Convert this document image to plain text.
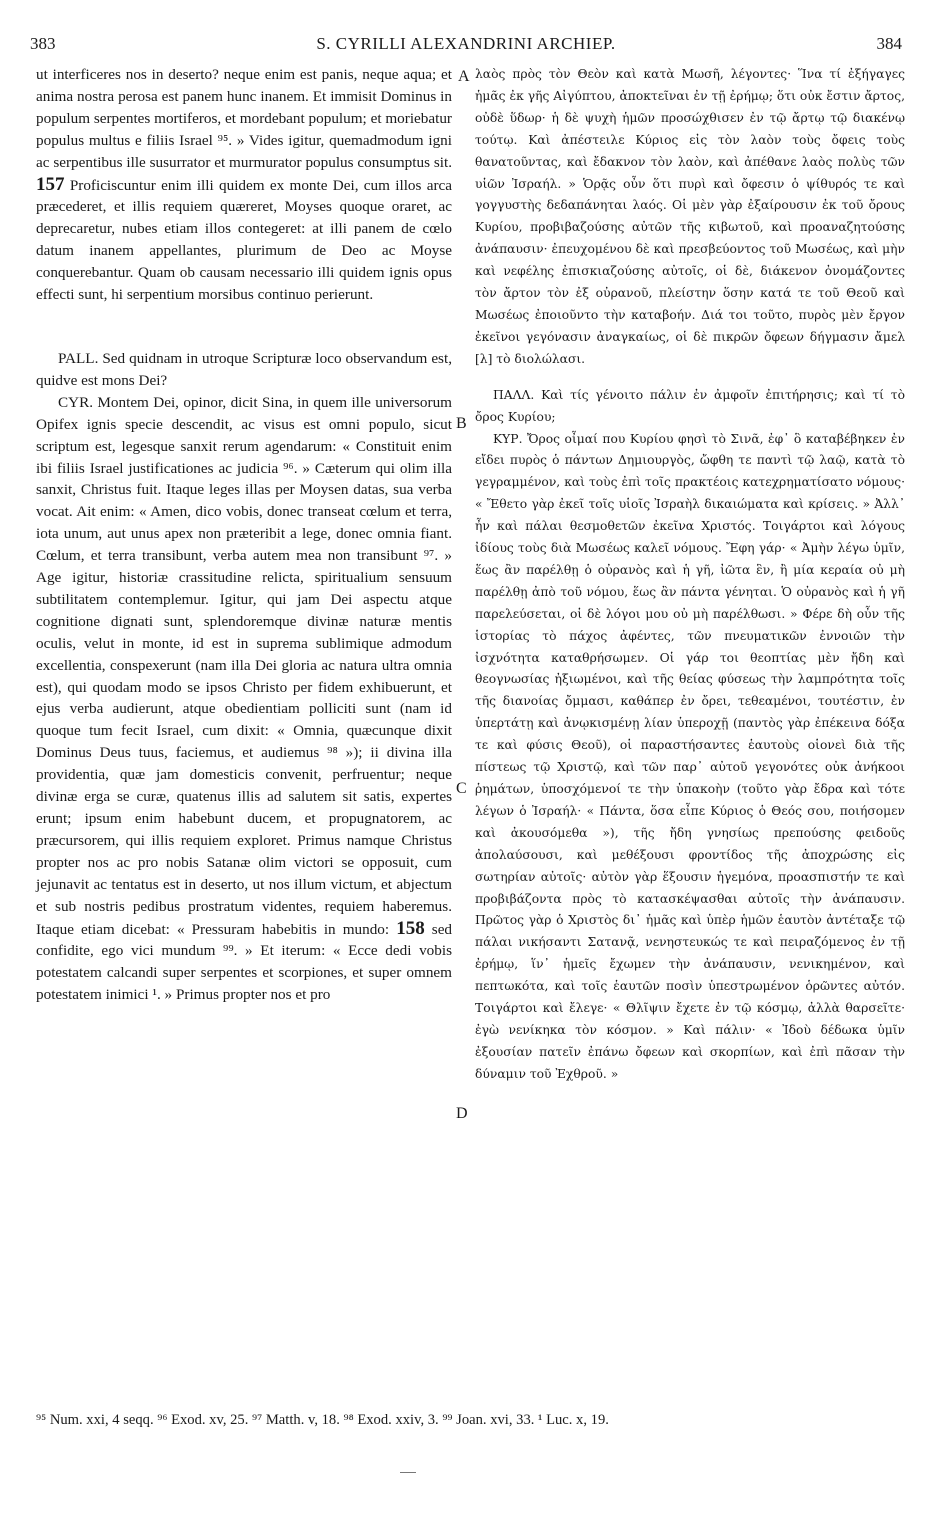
383	S. CYRILLI ALEXANDRINI ARCHIEP.	384

ut interficeres nos in deserto? neque enim est panis, neque aqua; et anima nostra perosa est panem hunc inanem. Et immisit Dominus in populum serpentes mortiferos, et mordebant populum; et moriebatur populus multus e filiis Israel ⁹⁵. » Vides igitur, quemadmodum igni ac serpentibus ille susurrator et murmurator populus consumptus sit. 157 Proficiscuntur enim illi quidem ex monte Dei, cum illos arca præcederet, et illis requiem quæreret, Moyses quoque oraret, ac deprecaretur, nubes etiam illos contegeret: at illi panem de cœlo datum inanem appellantes, plurimum de Deo ac Moyse conquerebantur. Quam ob causam necessario illi quidem ignis opus effecti sunt, hi serpentium morsibus continuo perierunt.

PALL. Sed quidnam in utroque Scripturæ loco observandum est, quidve est mons Dei?

CYR. Montem Dei, opinor, dicit Sina, in quem ille universorum Opifex ignis specie descendit, ac visus est omni populo, sicut scriptum est, legesque sanxit rerum agendarum: « Constituit enim ibi filiis Israel justificationes ac judicia ⁹⁶. » Cæterum qui olim illa sanxit, Christus fuit. Itaque leges illas per Moysen datas, sua verba vocat. Ait enim: « Amen, dico vobis, donec transeat cœlum et terra, iota unum, aut unus apex non præteribit a lege, donec omnia fiant. Cœlum, et terra transibunt, verba autem mea non transibunt ⁹⁷. » Age igitur, historiæ crassitudine relicta, spiritualium sensuum subtilitatem contemplemur. Igitur, qui jam Dei aspectu atque cognitione dignati sunt, splendoremque divinæ naturæ mentis oculis, velut in monte, id est in suprema sublimique admodum excellentia, conspexerunt (nam illa Dei gloria ac natura ultra omnia est), qui quodam modo se ipsos Christo per fidem exhibuerunt, et ejus verba audierunt, atque obedientiam polliciti sunt (nam id quoque tum fecit Israel, cum dixit: « Omnia, quæcunque dixit Dominus Deus tuus, faciemus, et audiemus ⁹⁸ »); ii divina illa providentia, quæ jam domesticis convenit, perfruentur; neque divinæ erga se curæ, quatenus illis ad salutem sit satis, expertes erunt; ipsum enim habebunt ducem, et propugnatorem, ac præcursorem, qui illis requiem exploret. Primus namque Christus propter nos ac pro nobis Satanæ olim victori se opposuit, cum jejunavit ac tentatus est in deserto, ut nos illum victum, et abjectum et sub nostris pedibus prostratum videntes, requiem haberemus. Itaque etiam dicebat: « Pressuram habebitis in mundo: 158 sed confidite, ego vici mundum ⁹⁹. » Et iterum: « Ecce dedi vobis potestatem calcandi super serpentes et scorpiones, et super omnem potestatem inimici ¹. » Primus propter nos et pro

A
B
C
D

λαὸς πρὸς τὸν Θεὸν καὶ κατὰ Μωσῆ, λέγοντες· Ἵνα τί ἐξήγαγες ἡμᾶς ἐκ γῆς Αἰγύπτου, ἀποκτεῖναι ἐν τῇ ἐρήμῳ; ὅτι οὐκ ἔστιν ἄρτος, οὐδὲ ὕδωρ· ἡ δὲ ψυχὴ ἡμῶν προσώχθισεν ἐν τῷ ἄρτῳ τῷ διακένῳ τούτῳ. Καὶ ἀπέστειλε Κύριος εἰς τὸν λαὸν τοὺς ὄφεις τοὺς θανατοῦντας, καὶ ἔδακνον τὸν λαὸν, καὶ ἀπέθανε λαὸς πολὺς τῶν υἱῶν Ἰσραήλ. » Ὁρᾷς οὖν ὅτι πυρὶ καὶ ὄφεσιν ὁ ψίθυρός τε καὶ γογγυστὴς δεδαπάνηται λαός. Οἱ μὲν γὰρ ἐξαίρουσιν ἐκ τοῦ ὄρους Κυρίου, προβιβαζούσης αὐτῶν τῆς κιβωτοῦ, καὶ προαναζητούσης ἀνάπαυσιν· ἐπευχομένου δὲ καὶ πρεσβεύοντος τοῦ Μωσέως, καὶ μὴν καὶ νεφέλης ἐπισκιαζούσης αὐτοῖς, οἱ δὲ, διάκενον ὀνομάζοντες τὸν ἄρτον τὸν ἐξ οὐρανοῦ, πλείστην ὅσην κατά τε τοῦ Θεοῦ καὶ Μωσέως ἐποιοῦντο τὴν καταβοήν. Διά τοι τοῦτο, πυρὸς μὲν ἔργον ἐκεῖνοι γεγόνασιν ἀναγκαίως, οἱ δὲ πικρῶν ὄφεων δήγμασιν ἄμελ [λ] τὸ διολώλασι.

ΠΑΛΛ. Καὶ τίς γένοιτο πάλιν ἐν ἀμφοῖν ἐπιτήρησις; καὶ τί τὸ ὄρος Κυρίου;

ΚΥΡ. Ὄρος οἶμαί που Κυρίου φησὶ τὸ Σινᾶ, ἐφ᾽ ὃ καταβέβηκεν ἐν εἴδει πυρὸς ὁ πάντων Δημιουργὸς, ὤφθη τε παντὶ τῷ λαῷ, κατὰ τὸ γεγραμμένον, καὶ τοὺς ἐπὶ τοῖς πρακτέοις κατεχρηματίσατο νόμους· « Ἔθετο γὰρ ἐκεῖ τοῖς υἱοῖς Ἰσραὴλ δικαιώματα καὶ κρίσεις. » Ἀλλ᾽ ἦν καὶ πάλαι θεσμοθετῶν ἐκεῖνα Χριστός. Τοιγάρτοι καὶ λόγους ἰδίους τοὺς διὰ Μωσέως καλεῖ νόμους. Ἔφη γάρ· « Ἀμὴν λέγω ὑμῖν, ἕως ἂν παρέλθῃ ὁ οὐρανὸς καὶ ἡ γῆ, ἰῶτα ἓν, ἢ μία κεραία οὐ μὴ παρέλθῃ ἀπὸ τοῦ νόμου, ἕως ἂν πάντα γένηται. Ὁ οὐρανὸς καὶ ἡ γῆ παρελεύσεται, οἱ δὲ λόγοι μου οὐ μὴ παρέλθωσι. » Φέρε δὴ οὖν τῆς ἱστορίας τὸ πάχος ἀφέντες, τῶν πνευματικῶν ἐννοιῶν τὴν ἰσχνότητα καταθρήσωμεν. Οἱ γάρ τοι θεοπτίας μὲν ἤδη καὶ θεογνωσίας ἠξιωμένοι, καὶ τῆς θείας φύσεως τὴν λαμπρότητα τοῖς τῆς διανοίας ὄμμασι, καθάπερ ἐν ὄρει, τεθεαμένοι, τουτέστιν, ἐν ὑπερτάτῃ καὶ ἀνῳκισμένῃ λίαν ὑπεροχῇ (παντὸς γὰρ ἐπέκεινα δόξα τε καὶ φύσις Θεοῦ), οἱ παραστήσαντες ἑαυτοὺς οἱονεὶ διὰ τῆς πίστεως τῷ Χριστῷ, καὶ τῶν παρ᾽ αὐτοῦ γεγονότες οὐκ ἀνήκοοι ῥημάτων, ὑποσχόμενοί τε τὴν ὑπακοὴν (τοῦτο γὰρ ἔδρα καὶ τότε λέγων ὁ Ἰσραήλ· « Πάντα, ὅσα εἶπε Κύριος ὁ Θεός σου, ποιήσομεν καὶ ἀκουσόμεθα »), τῆς ἤδη γνησίως πρεπούσης φειδοῦς ἀπολαύσουσι, καὶ μεθέξουσι φροντίδος τῆς ἀποχρώσης εἰς σωτηρίαν αὐτοῖς· αὐτὸν γὰρ ἕξουσιν ἡγεμόνα, προασπιστήν τε καὶ προβιβάζοντα πρὸς τὸ κατασκέψασθαι αὐτοῖς τὴν ἀνάπαυσιν. Πρῶτος γὰρ ὁ Χριστὸς δι᾽ ἡμᾶς καὶ ὑπὲρ ἡμῶν ἑαυτὸν ἀντέταξε τῷ πάλαι νικήσαντι Σατανᾷ, νενηστευκώς τε καὶ πειραζόμενος ἐν τῇ ἐρήμῳ, ἵν᾽ ἡμεῖς ἔχωμεν τὴν ἀνάπαυσιν, νενικημένον, καὶ πεπτωκότα, καὶ τοῖς ἑαυτῶν ποσὶν ὑπεστρωμένον ὁρῶντες αὐτόν. Τοιγάρτοι καὶ ἔλεγε· « Θλῖψιν ἔχετε ἐν τῷ κόσμῳ, ἀλλὰ θαρσεῖτε· ἐγὼ νενίκηκα τὸν κόσμον. » Καὶ πάλιν· « Ἰδοὺ δέδωκα ὑμῖν ἐξουσίαν πατεῖν ἐπάνω ὄφεων καὶ σκορπίων, καὶ ἐπὶ πᾶσαν τὴν δύναμιν τοῦ Ἐχθροῦ. »

⁹⁵ Num. xxi, 4 seqq. ⁹⁶ Exod. xv, 25. ⁹⁷ Matth. v, 18. ⁹⁸ Exod. xxiv, 3. ⁹⁹ Joan. xvi, 33. ¹ Luc. x, 19.
